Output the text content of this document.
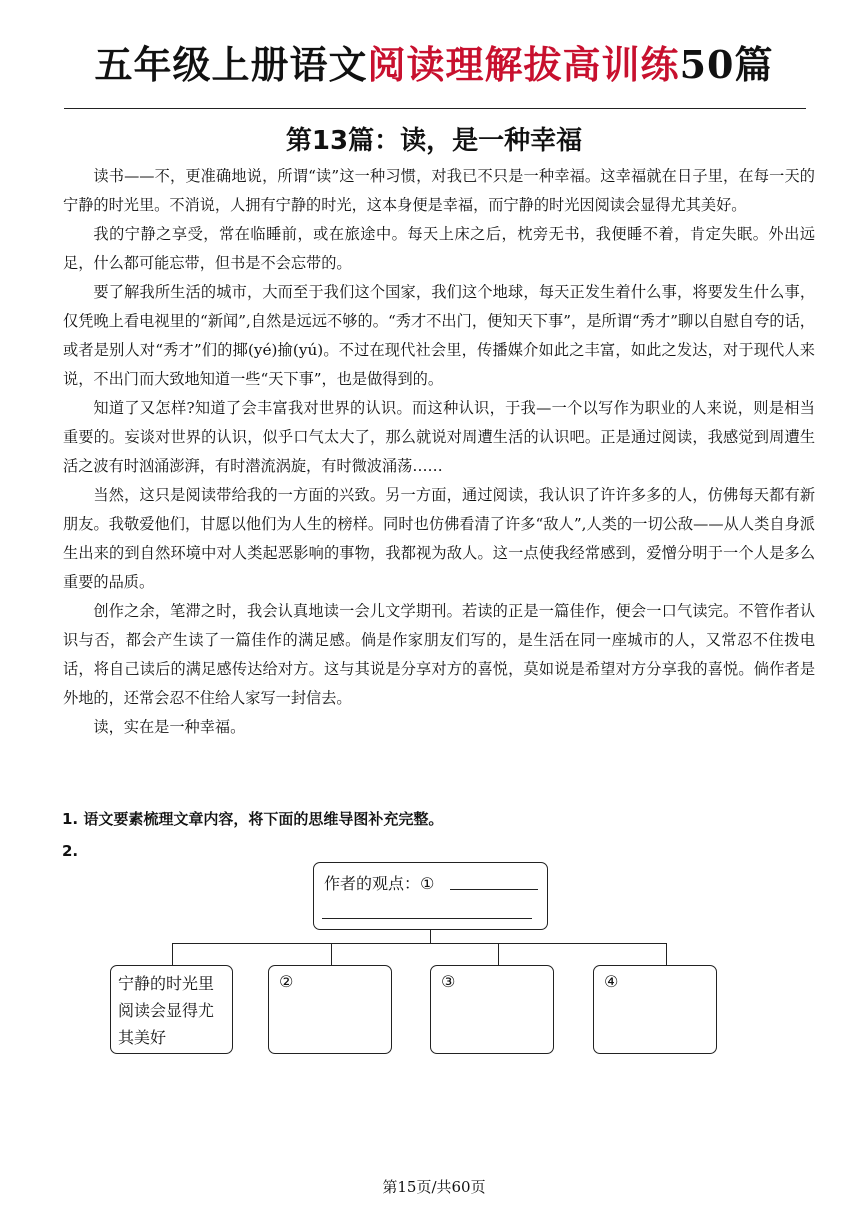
五年级上册语文阅读理解拔高训练50篇
第13篇：读，是一种幸福

读书——不，更准确地说，所谓“读”这一种习惯，对我已不只是一种幸福。这幸福就在日子里，在每一天的宁静的时光里。不消说，人拥有宁静的时光，这本身便是幸福，而宁静的时光因阅读会显得尤其美好。

我的宁静之享受，常在临睡前，或在旅途中。每天上床之后，枕旁无书，我便睡不着，肯定失眠。外出远足，什么都可能忘带，但书是不会忘带的。

要了解我所生活的城市，大而至于我们这个国家，我们这个地球，每天正发生着什么事，将要发生什么事，仅凭晚上看电视里的“新闻”,自然是远远不够的。“秀才不出门，便知天下事”，是所谓“秀才”聊以自慰自夸的话，或者是别人对“秀才”们的揶(yé)揄(yú)。不过在现代社会里，传播媒介如此之丰富，如此之发达，对于现代人来说，不出门而大致地知道一些“天下事”，也是做得到的。

知道了又怎样?知道了会丰富我对世界的认识。而这种认识，于我—一个以写作为职业的人来说，则是相当重要的。妄谈对世界的认识，似乎口气太大了，那么就说对周遭生活的认识吧。正是通过阅读，我感觉到周遭生活之波有时汹涌澎湃，有时潜流涡旋，有时微波涌荡……

当然，这只是阅读带给我的一方面的兴致。另一方面，通过阅读，我认识了许许多多的人，仿佛每天都有新朋友。我敬爱他们，甘愿以他们为人生的榜样。同时也仿佛看清了许多“敌人”,人类的一切公敌——从人类自身派生出来的到自然环境中对人类起恶影响的事物，我都视为敌人。这一点使我经常感到，爱憎分明于一个人是多么重要的品质。

创作之余，笔滞之时，我会认真地读一会儿文学期刊。若读的正是一篇佳作，便会一口气读完。不管作者认识与否，都会产生读了一篇佳作的满足感。倘是作家朋友们写的，是生活在同一座城市的人，又常忍不住拨电话，将自己读后的满足感传达给对方。这与其说是分享对方的喜悦，莫如说是希望对方分享我的喜悦。倘作者是外地的，还常会忍不住给人家写一封信去。

读，实在是一种幸福。

1. 语文要素梳理文章内容，将下面的思维导图补充完整。
2.
作者的观点：①
宁静的时光里
阅读会显得尤
其美好
②	③	④
第15页/共60页
